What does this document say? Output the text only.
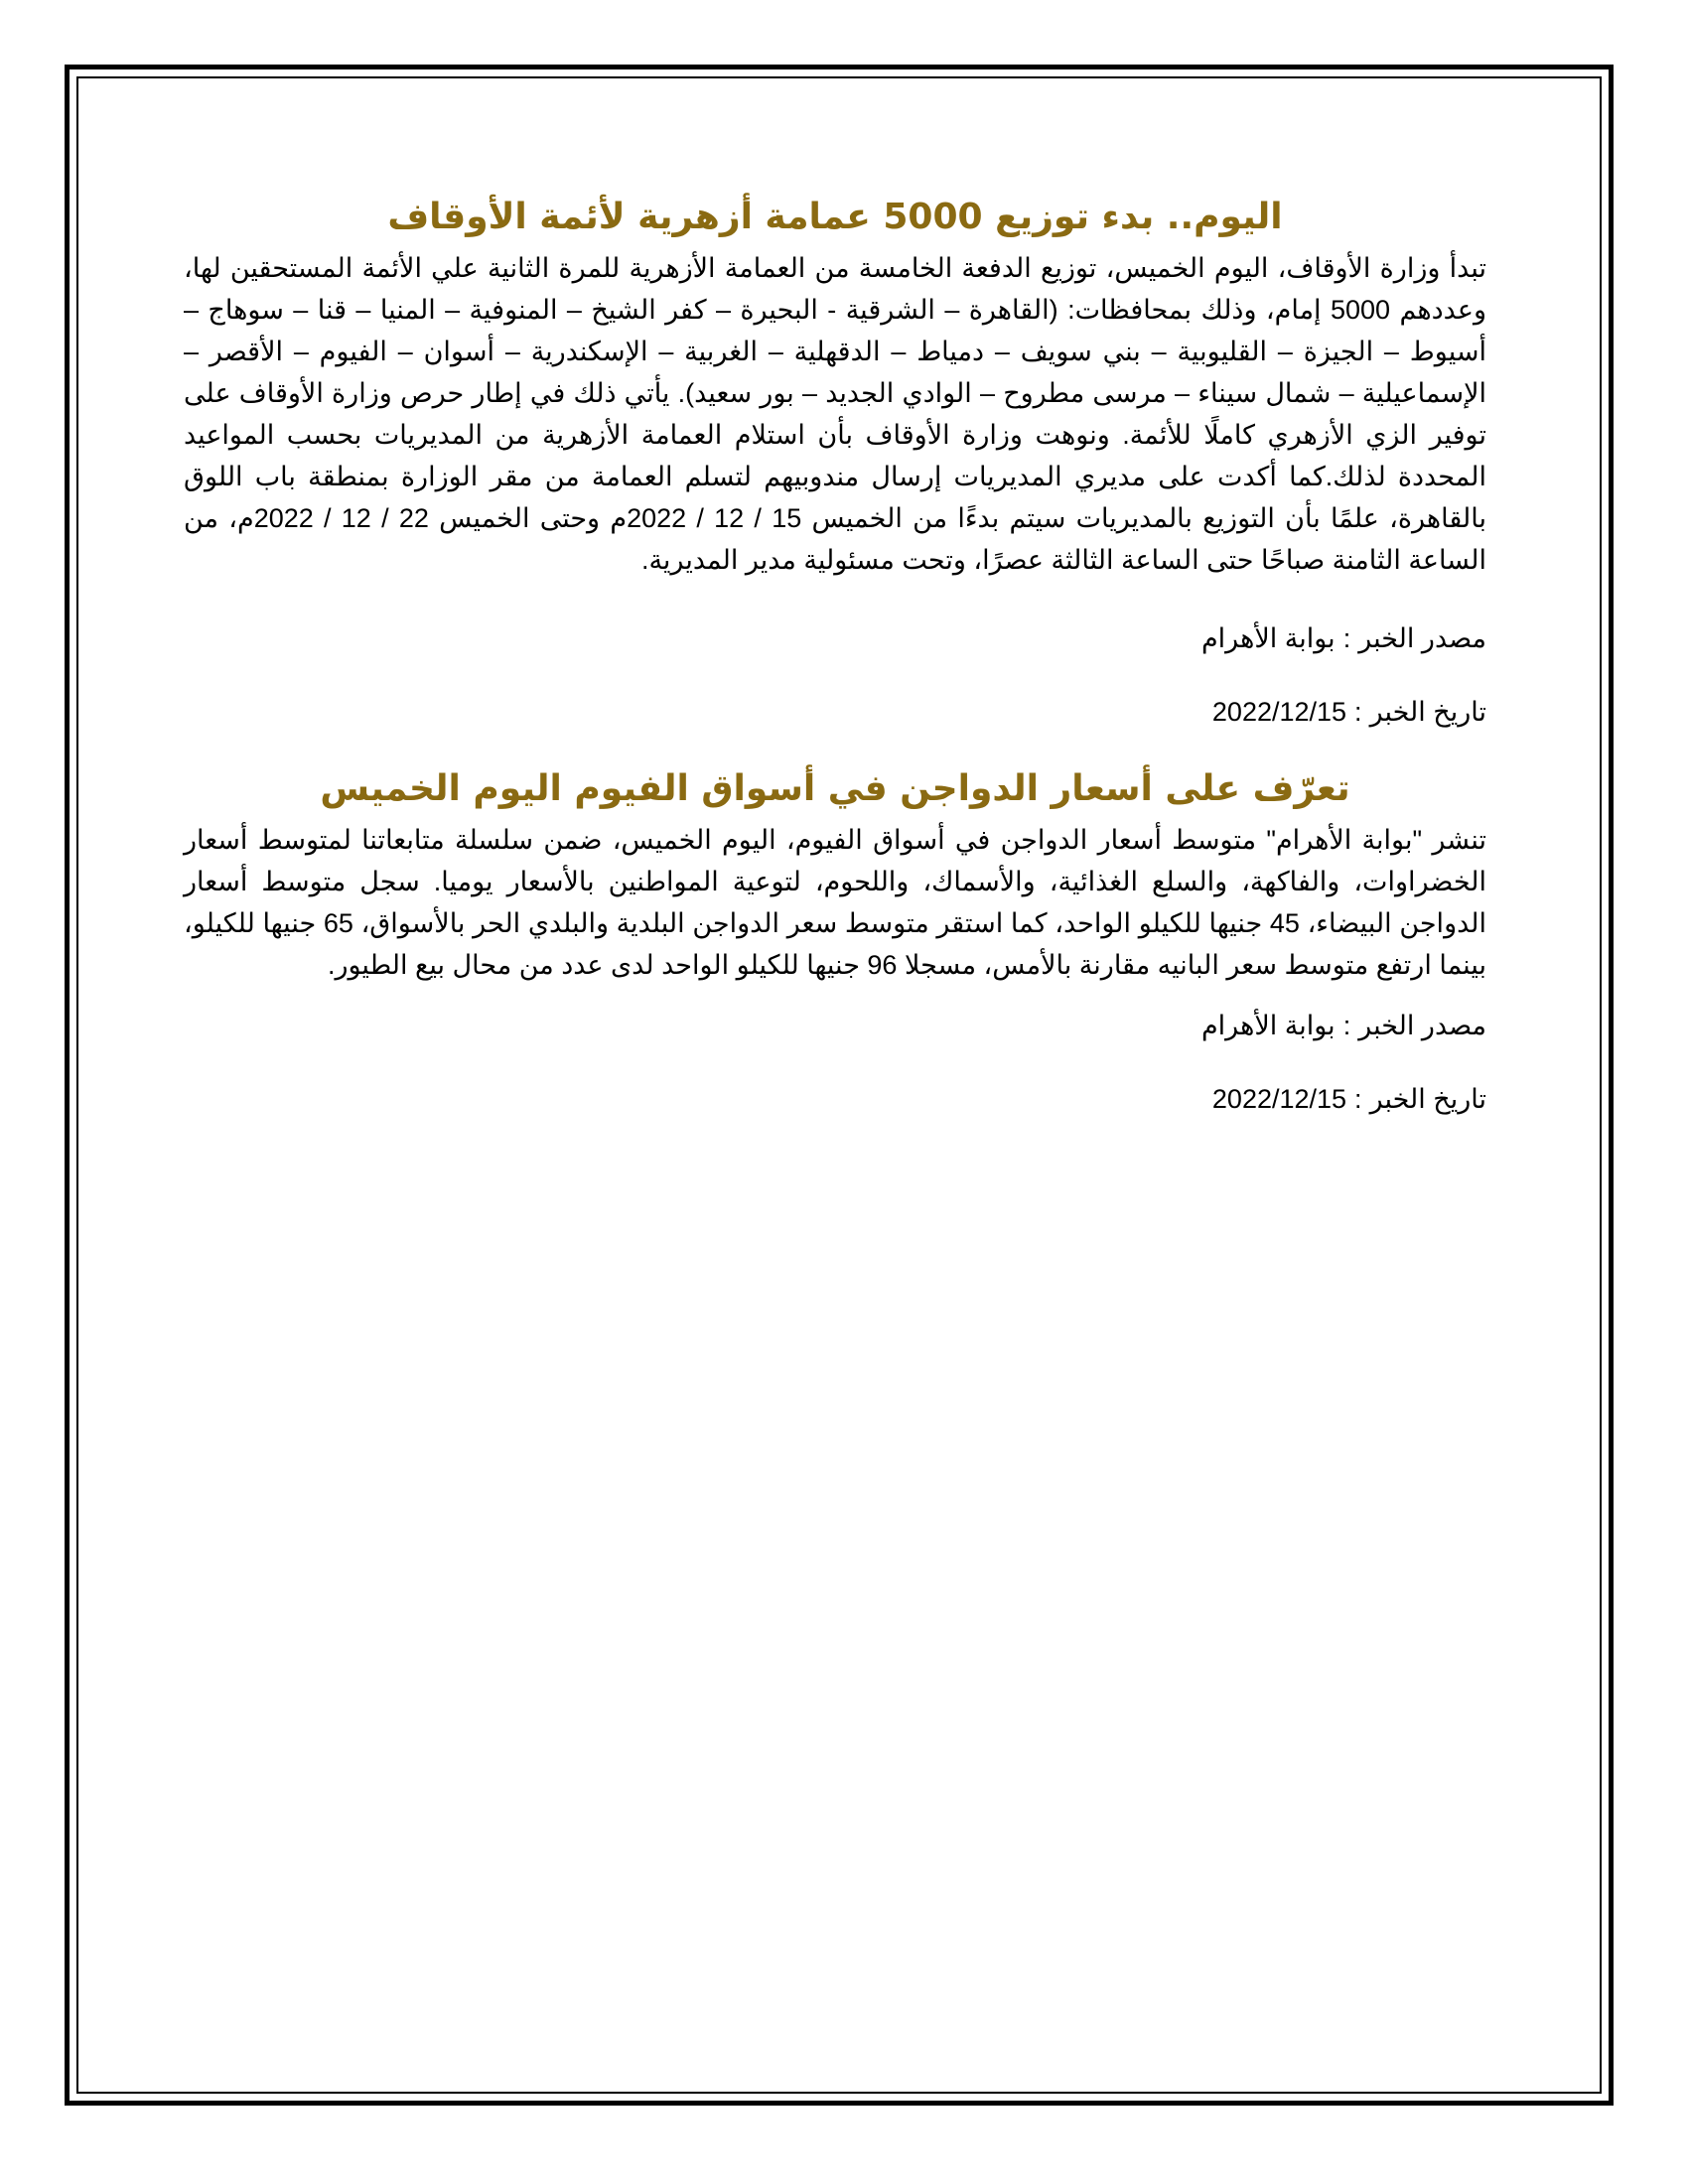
اليوم.. بدء توزيع 5000 عمامة أزهرية لأئمة الأوقاف

تبدأ وزارة الأوقاف، اليوم الخميس، توزيع الدفعة الخامسة من العمامة الأزهرية للمرة الثانية علي الأئمة المستحقين لها، وعددهم 5000 إمام، وذلك بمحافظات: (القاهرة – الشرقية - البحيرة – كفر الشيخ – المنوفية – المنيا – قنا – سوهاج – أسيوط – الجيزة – القليوبية – بني سويف – دمياط – الدقهلية – الغربية – الإسكندرية – أسوان – الفيوم – الأقصر – الإسماعيلية – شمال سيناء – مرسى مطروح – الوادي الجديد – بور سعيد). يأتي ذلك في إطار حرص وزارة الأوقاف على توفير الزي الأزهري كاملًا للأئمة. ونوهت وزارة الأوقاف بأن استلام العمامة الأزهرية من المديريات بحسب المواعيد المحددة لذلك.كما أكدت على مديري المديريات إرسال مندوبيهم لتسلم العمامة من مقر الوزارة بمنطقة باب اللوق بالقاهرة، علمًا بأن التوزيع بالمديريات سيتم بدءًا من الخميس 15 / 12 / 2022م وحتى الخميس 22 / 12 / 2022م، من الساعة الثامنة صباحًا حتى الساعة الثالثة عصرًا، وتحت مسئولية مدير المديرية.

مصدر الخبر:بوابة الأهرام

تاريخ الخبر:2022/12/15

تعرّف على أسعار الدواجن في أسواق الفيوم اليوم الخميس

تنشر "بوابة الأهرام" متوسط أسعار الدواجن في أسواق الفيوم، اليوم الخميس، ضمن سلسلة متابعاتنا لمتوسط أسعار الخضراوات، والفاكهة، والسلع الغذائية، والأسماك، واللحوم، لتوعية المواطنين بالأسعار يوميا. سجل متوسط أسعار الدواجن البيضاء، 45 جنيها للكيلو الواحد، كما استقر متوسط سعر الدواجن البلدية والبلدي الحر بالأسواق، 65 جنيها للكيلو، بينما ارتفع متوسط سعر البانيه مقارنة بالأمس، مسجلا 96 جنيها للكيلو الواحد لدى عدد من محال بيع الطيور.

مصدر الخبر:بوابة الأهرام

تاريخ الخبر:2022/12/15
